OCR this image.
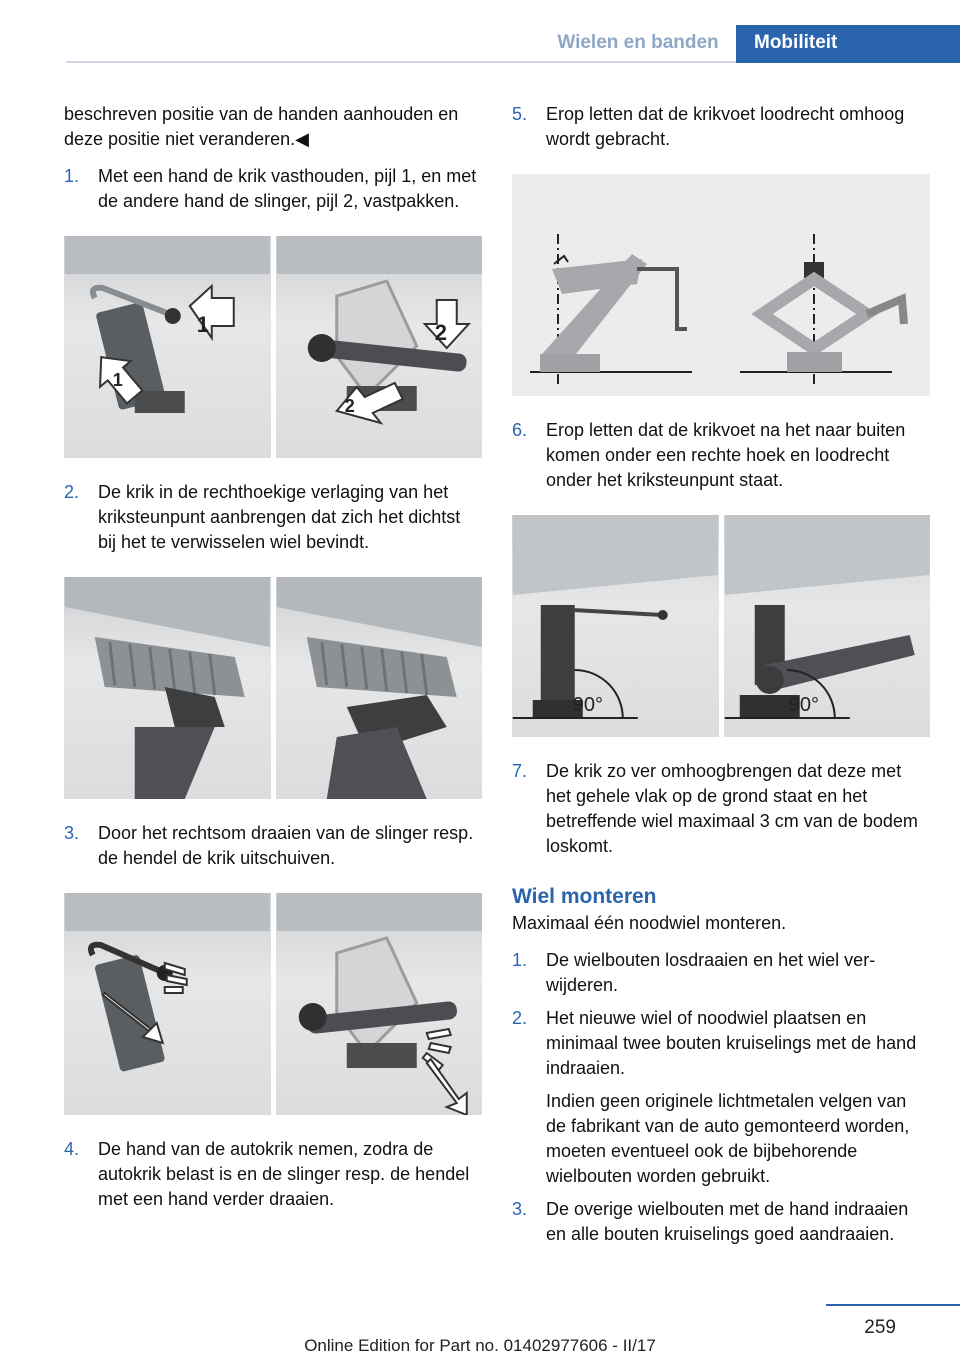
Wielen en banden	Mobiliteit

beschreven positie van de handen aanhouden en deze positie niet veranderen.◀

1. Met een hand de krik vasthouden, pijl 1, en met de andere hand de slinger, pijl 2, vastpakken.

1
1
2
2
2. De krik in de rechthoekige verlaging van het kriksteunpunt aanbrengen dat zich het dichtst bij het te verwisselen wiel bevindt.

3. Door het rechtsom draaien van de slinger resp. de hendel de krik uitschuiven.

4. De hand van de autokrik nemen, zodra de autokrik belast is en de slinger resp. de hendel met een hand verder draaien.

5. Erop letten dat de krikvoet loodrecht omhoog wordt gebracht.

6. Erop letten dat de krikvoet na het naar buiten komen onder een rechte hoek en loodrecht onder het kriksteunpunt staat.

90°	90°
7. De krik zo ver omhoogbrengen dat deze met het gehele vlak op de grond staat en het betreffende wiel maximaal 3 cm van de bodem loskomt.

Wiel monteren

Maximaal één noodwiel monteren.

1. De wielbouten losdraaien en het wiel verwijderen.

2. Het nieuwe wiel of noodwiel plaatsen en minimaal twee bouten kruiselings met de hand indraaien.

Indien geen originele lichtmetalen velgen van de fabrikant van de auto gemonteerd worden, moeten eventueel ook de bijbehorende wielbouten worden gebruikt.

3. De overige wielbouten met de hand indraaien en alle bouten kruiselings goed aandraaien.

259
Online Edition for Part no. 01402977606 - II/17
